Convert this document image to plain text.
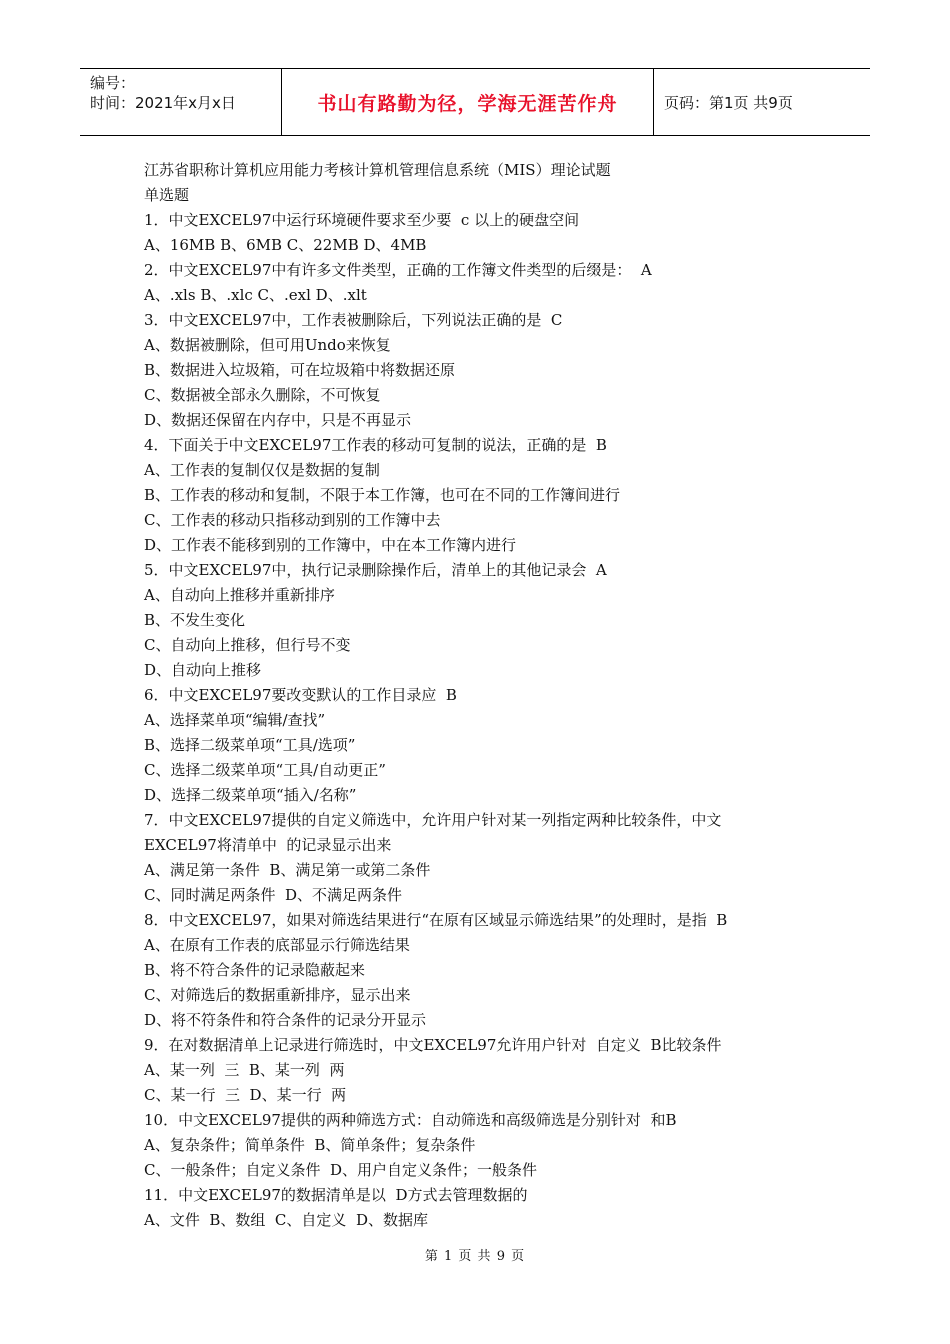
编号：
时间：2021年x月x日	书山有路勤为径，学海无涯苦作舟	页码：第1页 共9页
江苏省职称计算机应用能力考核计算机管理信息系统（MIS）理论试题
单选题
1．中文EXCEL97中运行环境硬件要求至少要  c 以上的硬盘空间
A、16MB B、6MB C、22MB D、4MB
2．中文EXCEL97中有许多文件类型，正确的工作簿文件类型的后缀是：  A
A、.xls B、.xlc C、.exl D、.xlt
3．中文EXCEL97中，工作表被删除后，下列说法正确的是  C
A、数据被删除，但可用Undo来恢复
B、数据进入垃圾箱，可在垃圾箱中将数据还原
C、数据被全部永久删除，不可恢复
D、数据还保留在内存中，只是不再显示
4．下面关于中文EXCEL97工作表的移动可复制的说法，正确的是  B
A、工作表的复制仅仅是数据的复制
B、工作表的移动和复制，不限于本工作簿，也可在不同的工作簿间进行
C、工作表的移动只指移动到别的工作簿中去
D、工作表不能移到别的工作簿中，中在本工作簿内进行
5．中文EXCEL97中，执行记录删除操作后，清单上的其他记录会  A
A、自动向上推移并重新排序
B、不发生变化
C、自动向上推移，但行号不变
D、自动向上推移
6．中文EXCEL97要改变默认的工作目录应  B
A、选择菜单项“编辑/查找”
B、选择二级菜单项“工具/选项”
C、选择二级菜单项“工具/自动更正”
D、选择二级菜单项“插入/名称”
7．中文EXCEL97提供的自定义筛选中，允许用户针对某一列指定两种比较条件，中文
EXCEL97将清单中  的记录显示出来
A、满足第一条件  B、满足第一或第二条件
C、同时满足两条件  D、不满足两条件
8．中文EXCEL97，如果对筛选结果进行“在原有区域显示筛选结果”的处理时，是指  B
A、在原有工作表的底部显示行筛选结果
B、将不符合条件的记录隐蔽起来
C、对筛选后的数据重新排序，显示出来
D、将不符条件和符合条件的记录分开显示
9．在对数据清单上记录进行筛选时，中文EXCEL97允许用户针对  自定义  B比较条件
A、某一列  三  B、某一列  两
C、某一行  三  D、某一行  两
10．中文EXCEL97提供的两种筛选方式：自动筛选和高级筛选是分别针对  和B
A、复杂条件；简单条件  B、简单条件；复杂条件
C、一般条件；自定义条件  D、用户自定义条件；一般条件
11．中文EXCEL97的数据清单是以  D方式去管理数据的
A、文件  B、数组  C、自定义  D、数据库
第 1 页 共 9 页
